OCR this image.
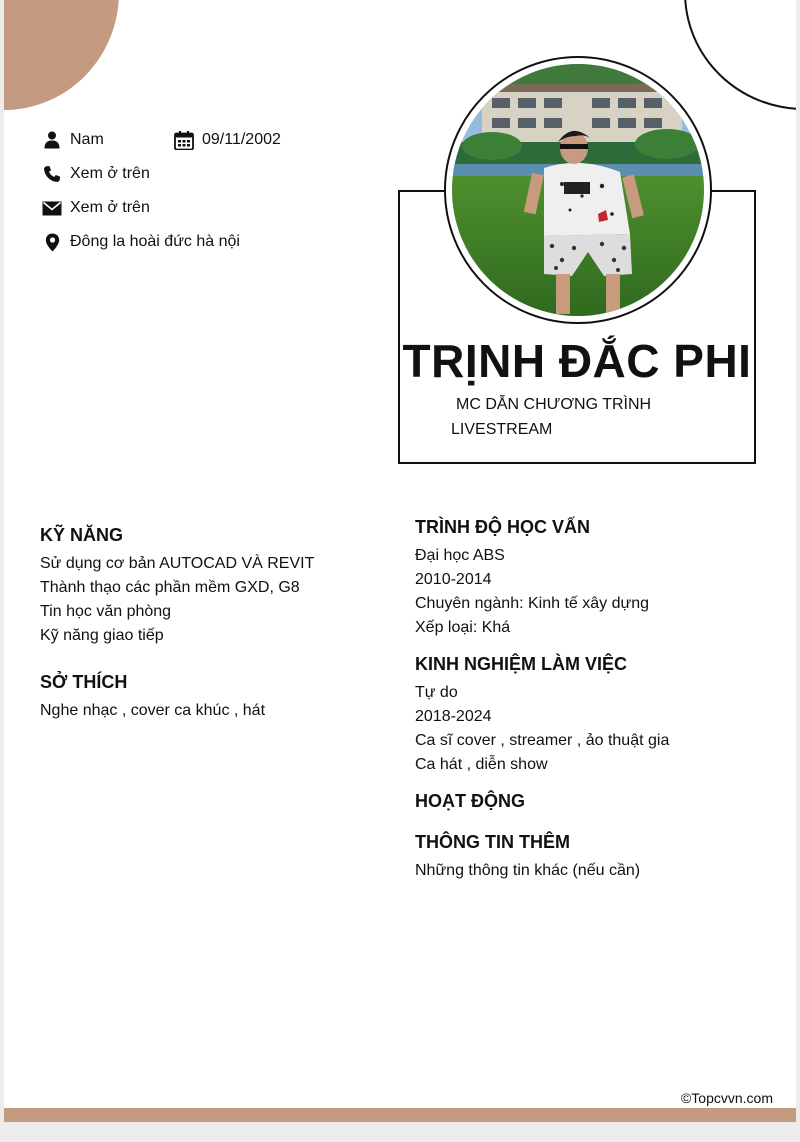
Nam	09/11/2002
Xem ở trên
Xem ở trên
Đông la hoài đức hà nội
TRỊNH ĐẮC PHI
MC DẪN CHƯƠNG TRÌNH LIVESTREAM
KỸ NĂNG
Sử dụng cơ bản AUTOCAD VÀ REVIT
Thành thạo các phần mềm GXD, G8
Tin học văn phòng
Kỹ năng giao tiếp
SỞ THÍCH
Nghe nhạc , cover ca khúc , hát
TRÌNH ĐỘ HỌC VẤN
Đại học ABS
2010-2014
Chuyên ngành: Kinh tế xây dựng
Xếp loại: Khá
KINH NGHIỆM LÀM VIỆC
Tự do
2018-2024
Ca sĩ cover , streamer , ảo thuật gia
Ca hát , diễn show
HOẠT ĐỘNG
THÔNG TIN THÊM
Những thông tin khác (nếu cần)
©Topcvvn.com
